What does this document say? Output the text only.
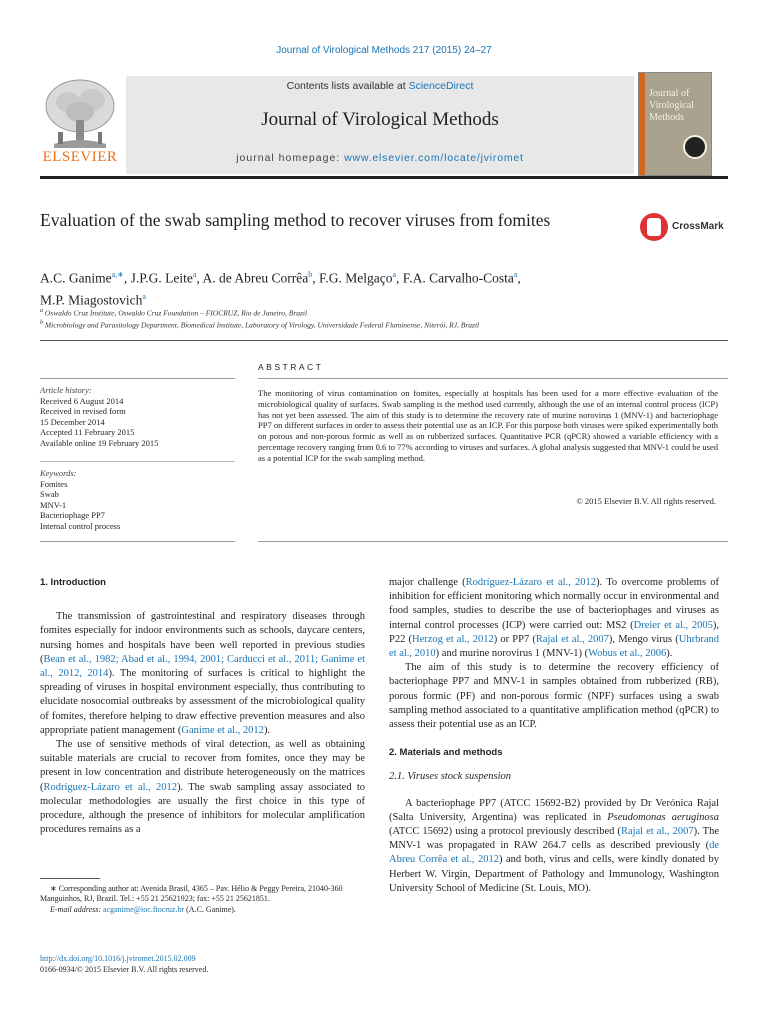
Journal of Virological Methods 217 (2015) 24–27
Contents lists available at ScienceDirect
Journal of Virological Methods
journal homepage: www.elsevier.com/locate/jviromet
ELSEVIER
Journal of
Virological
Methods
Evaluation of the swab sampling method to recover viruses from fomites	CrossMark
A.C. Ganime$^{a,∗}$, J.P.G. Leite$^a$, A. de Abreu Corrêa$^b$, F.G. Melgaço$^a$, F.A. Carvalho-Costa$^a$,
M.P. Miagostovich$^a$
$^a$ Oswaldo Cruz Institute, Oswaldo Cruz Foundation – FIOCRUZ, Rio de Janeiro, Brazil
$^b$ Microbiology and Parasitology Department, Biomedical Institute, Laboratory of Virology, Universidade Federal Fluminense, Niterói, RJ, Brazil
Article history:
Received 6 August 2014
Received in revised form
15 December 2014
Accepted 11 February 2015
Available online 19 February 2015
Keywords:
Fomites
Swab
MNV-1
Bacteriophage PP7
Internal control process
ABSTRACT
The monitoring of virus contamination on fomites, especially at hospitals has been used for a more effective evaluation of the microbiological quality of surfaces. Swab sampling is the method used currently, although the use of an internal control process (ICP) has not yet been assessed. The aim of this study is to determine the recovery rate of murine norovirus 1 (MNV-1) and bacteriophage PP7 on different surfaces in order to assess their potential use as an ICP. For this purpose both viruses were spiked experimentally both on porous and non-porous formic as well as on rubberized surfaces. Quantitative PCR (qPCR) showed a variable efficiency with a percentage recovery ranging from 0.6 to 77% according to viruses and surfaces. A global analysis suggested that MNV-1 could be used as a potential ICP for the swab sampling method.
© 2015 Elsevier B.V. All rights reserved.
1. Introduction

The transmission of gastrointestinal and respiratory diseases through fomites especially for indoor environments such as schools, daycare centers, nursing homes and hospitals have been well reported in previous studies (Bean et al., 1982; Abad et al., 1994, 2001; Carducci et al., 2011; Ganime et al., 2012, 2014). The monitoring of surfaces is critical to highlight the spreading of viruses in hospital environment especially, thus contributing to elucidate nosocomial outbreaks by assessment of the microbiological quality of fomites, therefore helping to draw effective prevention measures and also appropriate patient management (Ganime et al., 2012).

The use of sensitive methods of viral detection, as well as obtaining suitable materials are crucial to recover from fomites, once they may be present in low concentration and distribute heterogeneously on the matrices (Rodríguez-Lázaro et al., 2012). The swab sampling assay associated to molecular methodologies are usually the first choice in this type of procedure, although the presence of inhibitors for molecular amplification procedures remains as a

major challenge (Rodríguez-Lázaro et al., 2012). To overcome problems of inhibition for efficient monitoring which normally occur in environmental and food samples, studies to describe the use of bacteriophages and viruses as internal control processes (ICP) were carried out: MS2 (Dreier et al., 2005), P22 (Herzog et al., 2012) or PP7 (Rajal et al., 2007), Mengo virus (Uhrbrand et al., 2010) and murine norovirus 1 (MNV-1) (Wobus et al., 2006).

The aim of this study is to determine the recovery efficiency of bacteriophage PP7 and MNV-1 in samples obtained from rubberized (RB), porous formic (PF) and non-porous formic (NPF) surfaces using a swab sampling method associated to a quantitative amplification method (qPCR) to assess their potential use as an ICP.

2. Materials and methods
2.1. Viruses stock suspension

A bacteriophage PP7 (ATCC 15692-B2) provided by Dr Verónica Rajal (Salta University, Argentina) was replicated in Pseudomonas aeruginosa (ATCC 15692) using a protocol previously described (Rajal et al., 2007). The MNV-1 was propagated in RAW 264.7 cells as described previously (de Abreu Corrêa et al., 2012) and both, virus and cells, were kindly donated by Herbert W. Virgin, Department of Pathology and Immunology, Washington University School of Medicine (St. Louis, MO).

∗ Corresponding author at: Avenida Brasil, 4365 – Pav. Hélio & Peggy Pereira, 21040-360 Manguinhos, RJ, Brazil. Tel.: +55 21 25621923; fax: +55 21 25621851.
E-mail address: acganime@ioc.fiocruz.br (A.C. Ganime).
http://dx.doi.org/10.1016/j.jviromet.2015.02.009
0166-0934/© 2015 Elsevier B.V. All rights reserved.
